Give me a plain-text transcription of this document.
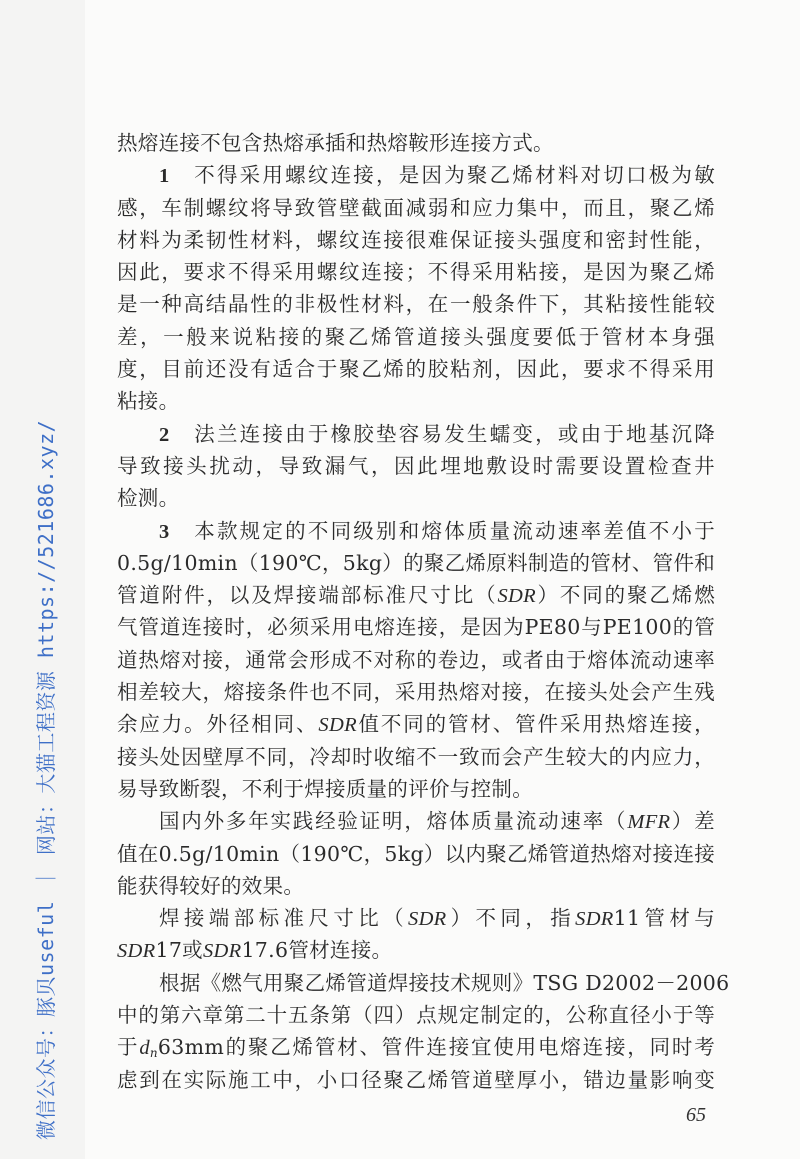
热熔连接不包含热熔承插和热熔鞍形连接方式。
1　不得采用螺纹连接，是因为聚乙烯材料对切口极为敏
感，车制螺纹将导致管壁截面减弱和应力集中，而且，聚乙烯
材料为柔韧性材料，螺纹连接很难保证接头强度和密封性能，
因此，要求不得采用螺纹连接；不得采用粘接，是因为聚乙烯
是一种高结晶性的非极性材料，在一般条件下，其粘接性能较
差，一般来说粘接的聚乙烯管道接头强度要低于管材本身强
度，目前还没有适合于聚乙烯的胶粘剂，因此，要求不得采用
粘接。
2　法兰连接由于橡胶垫容易发生蠕变，或由于地基沉降
导致接头扰动，导致漏气，因此埋地敷设时需要设置检查井
检测。
3　本款规定的不同级别和熔体质量流动速率差值不小于
0.5g/10min（190℃，5kg）的聚乙烯原料制造的管材、管件和
管道附件，以及焊接端部标准尺寸比（SDR）不同的聚乙烯燃
气管道连接时，必须采用电熔连接，是因为PE80与PE100的管
道热熔对接，通常会形成不对称的卷边，或者由于熔体流动速率
相差较大，熔接条件也不同，采用热熔对接，在接头处会产生残
余应力。外径相同、SDR值不同的管材、管件采用热熔连接，
接头处因壁厚不同，冷却时收缩不一致而会产生较大的内应力，
易导致断裂，不利于焊接质量的评价与控制。
国内外多年实践经验证明，熔体质量流动速率（MFR）差
值在0.5g/10min（190℃，5kg）以内聚乙烯管道热熔对接连接
能获得较好的效果。
焊接端部标准尺寸比（SDR）不同，指SDR11管材与
SDR17或SDR17.6管材连接。
根据《燃气用聚乙烯管道焊接技术规则》TSG D2002－2006
中的第六章第二十五条第（四）点规定制定的，公称直径小于等
于$d_n63mm$的聚乙烯管材、管件连接宜使用电熔连接，同时考
虑到在实际施工中，小口径聚乙烯管道壁厚小，错边量影响变
65
微信公众号：豚贝useful ｜ 网站：大猫工程资源 https://521686.xyz/
